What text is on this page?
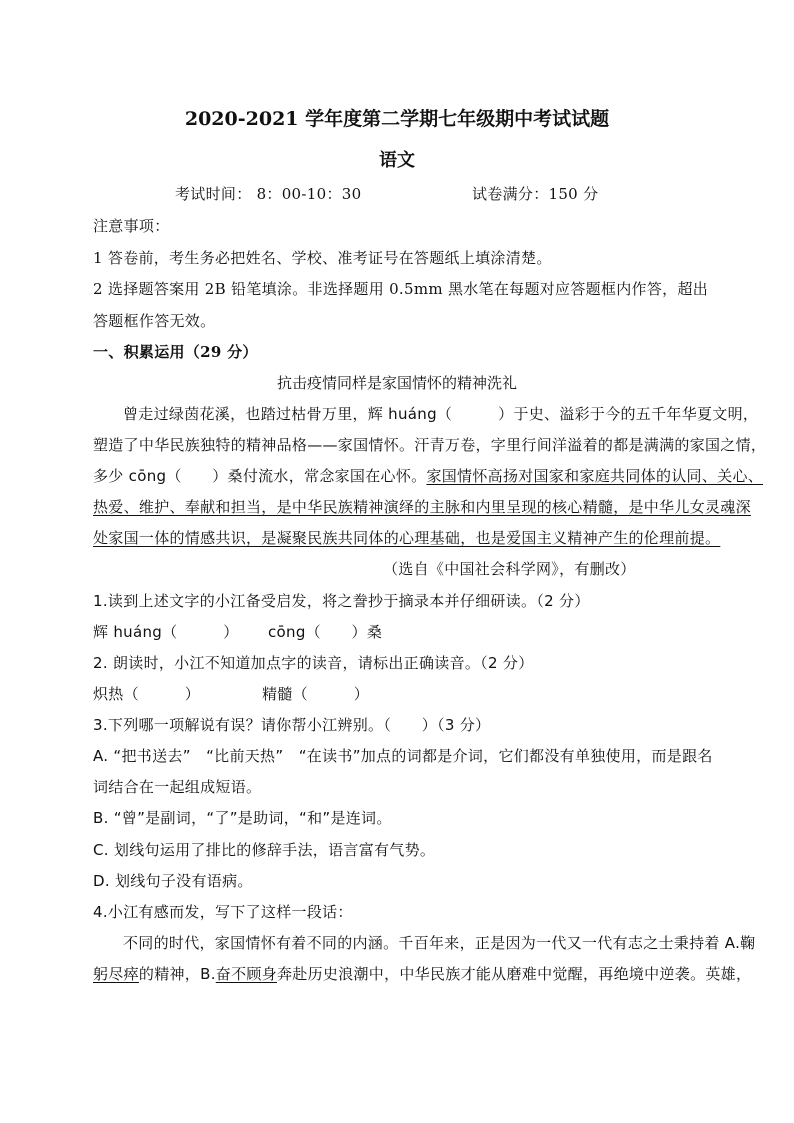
2020-2021 学年度第二学期七年级期中考试试题
语文
考试时间： 8：00-10：30	试卷满分：150 分
注意事项：
1 答卷前，考生务必把姓名、学校、准考证号在答题纸上填涂清楚。
2 选择题答案用 2B 铅笔填涂。非选择题用 0.5mm 黑水笔在每题对应答题框内作答，超出
答题框作答无效。
一、积累运用（29 分）
抗击疫情同样是家国情怀的精神洗礼
曾走过绿茵花溪，也踏过枯骨万里，辉 huáng（　　　）于史、溢彩于今的五千年华夏文明，
塑造了中华民族独特的精神品格——家国情怀。汗青万卷，字里行间洋溢着的都是满满的家国之情，
多少 cōng（　　）桑付流水，常念家国在心怀。家国情怀高扬对国家和家庭共同体的认同、关心、
热爱、维护、奉献和担当，是中华民族精神演绎的主脉和内里呈现的核心精髓，是中华儿女灵魂深
处家国一体的情感共识，是凝聚民族共同体的心理基础，也是爱国主义精神产生的伦理前提。
（选自《中国社会科学网》，有删改）
1.读到上述文字的小江备受启发，将之誊抄于摘录本并仔细研读。（2 分）
辉 huáng（　　　） cōng（　　）桑
2. 朗读时，小江不知道加点字的读音，请标出正确读音。（2 分）
炽热（　　　）	精髓（　　　）
3.下列哪一项解说有误？请你帮小江辨别。（　　）（3 分）
A. “把书送去”　“比前天热”　“在读书”加点的词都是介词，它们都没有单独使用，而是跟名
词结合在一起组成短语。
B. “曾”是副词，“了”是助词，“和”是连词。
C. 划线句运用了排比的修辞手法，语言富有气势。
D. 划线句子没有语病。
4.小江有感而发，写下了这样一段话：
不同的时代，家国情怀有着不同的内涵。千百年来，正是因为一代又一代有志之士秉持着 A.鞠
躬尽瘁的精神，B.奋不顾身奔赴历史浪潮中，中华民族才能从磨难中觉醒，再绝境中逆袭。英雄，
